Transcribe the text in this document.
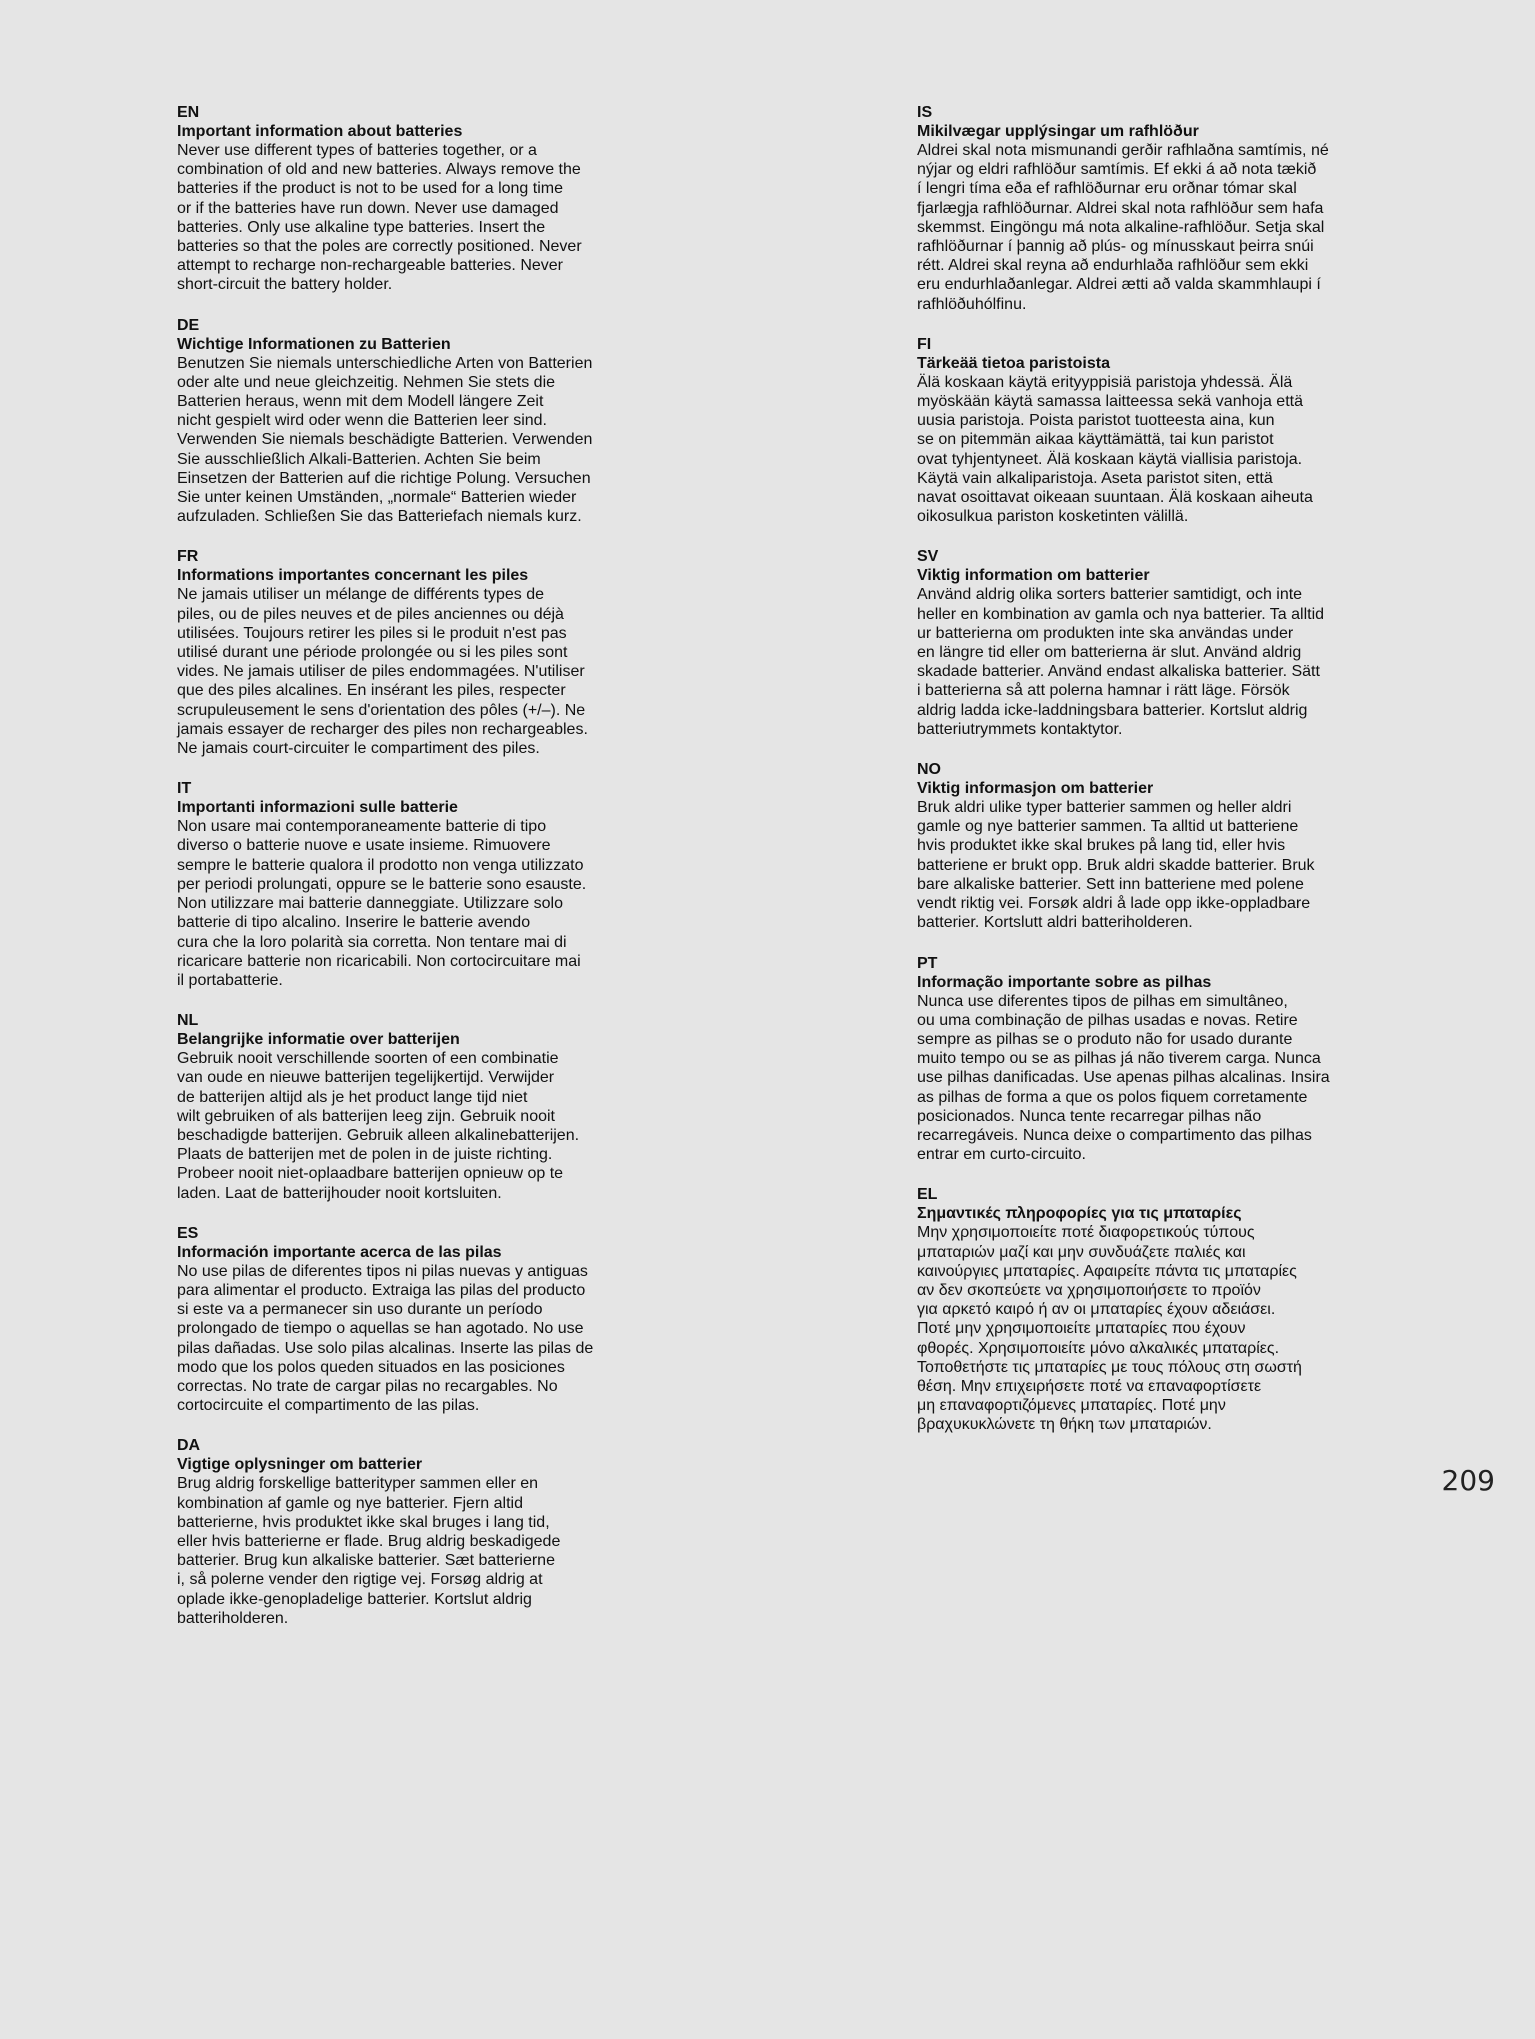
EN

Important information about batteries

Never use different types of batteries together, or a
combination of old and new batteries. Always remove the
batteries if the product is not to be used for a long time
or if the batteries have run down. Never use damaged
batteries. Only use alkaline type batteries. Insert the
batteries so that the poles are correctly positioned. Never
attempt to recharge non-rechargeable batteries. Never
short-circuit the battery holder.

DE

Wichtige Informationen zu Batterien

Benutzen Sie niemals unterschiedliche Arten von Batterien
oder alte und neue gleichzeitig. Nehmen Sie stets die
Batterien heraus, wenn mit dem Modell längere Zeit
nicht gespielt wird oder wenn die Batterien leer sind.
Verwenden Sie niemals beschädigte Batterien. Verwenden
Sie ausschließlich Alkali-Batterien. Achten Sie beim
Einsetzen der Batterien auf die richtige Polung. Versuchen
Sie unter keinen Umständen, „normale“ Batterien wieder
aufzuladen. Schließen Sie das Batteriefach niemals kurz.

FR

Informations importantes concernant les piles

Ne jamais utiliser un mélange de différents types de
piles, ou de piles neuves et de piles anciennes ou déjà
utilisées. Toujours retirer les piles si le produit n'est pas
utilisé durant une période prolongée ou si les piles sont
vides. Ne jamais utiliser de piles endommagées. N'utiliser
que des piles alcalines. En insérant les piles, respecter
scrupuleusement le sens d'orientation des pôles (+/–). Ne
jamais essayer de recharger des piles non rechargeables.
Ne jamais court-circuiter le compartiment des piles.

IT

Importanti informazioni sulle batterie

Non usare mai contemporaneamente batterie di tipo
diverso o batterie nuove e usate insieme. Rimuovere
sempre le batterie qualora il prodotto non venga utilizzato
per periodi prolungati, oppure se le batterie sono esauste.
Non utilizzare mai batterie danneggiate. Utilizzare solo
batterie di tipo alcalino. Inserire le batterie avendo
cura che la loro polarità sia corretta. Non tentare mai di
ricaricare batterie non ricaricabili. Non cortocircuitare mai
il portabatterie.

NL

Belangrijke informatie over batterijen

Gebruik nooit verschillende soorten of een combinatie
van oude en nieuwe batterijen tegelijkertijd. Verwijder
de batterijen altijd als je het product lange tijd niet
wilt gebruiken of als batterijen leeg zijn. Gebruik nooit
beschadigde batterijen. Gebruik alleen alkalinebatterijen.
Plaats de batterijen met de polen in de juiste richting.
Probeer nooit niet-oplaadbare batterijen opnieuw op te
laden. Laat de batterijhouder nooit kortsluiten.

ES

Información importante acerca de las pilas

No use pilas de diferentes tipos ni pilas nuevas y antiguas
para alimentar el producto. Extraiga las pilas del producto
si este va a permanecer sin uso durante un período
prolongado de tiempo o aquellas se han agotado. No use
pilas dañadas. Use solo pilas alcalinas. Inserte las pilas de
modo que los polos queden situados en las posiciones
correctas. No trate de cargar pilas no recargables. No
cortocircuite el compartimento de las pilas.

DA

Vigtige oplysninger om batterier

Brug aldrig forskellige batterityper sammen eller en
kombination af gamle og nye batterier. Fjern altid
batterierne, hvis produktet ikke skal bruges i lang tid,
eller hvis batterierne er flade. Brug aldrig beskadigede
batterier. Brug kun alkaliske batterier. Sæt batterierne
i, så polerne vender den rigtige vej. Forsøg aldrig at
oplade ikke-genopladelige batterier. Kortslut aldrig
batteriholderen.

IS

Mikilvægar upplýsingar um rafhlöður

Aldrei skal nota mismunandi gerðir rafhlaðna samtímis, né
nýjar og eldri rafhlöður samtímis. Ef ekki á að nota tækið
í lengri tíma eða ef rafhlöðurnar eru orðnar tómar skal
fjarlægja rafhlöðurnar. Aldrei skal nota rafhlöður sem hafa
skemmst. Eingöngu má nota alkaline-rafhlöður. Setja skal
rafhlöðurnar í þannig að plús- og mínusskaut þeirra snúi
rétt. Aldrei skal reyna að endurhlaða rafhlöður sem ekki
eru endurhlaðanlegar. Aldrei ætti að valda skammhlaupi í
rafhlöðuhólfinu.

FI

Tärkeää tietoa paristoista

Älä koskaan käytä erityyppisiä paristoja yhdessä. Älä
myöskään käytä samassa laitteessa sekä vanhoja että
uusia paristoja. Poista paristot tuotteesta aina, kun
se on pitemmän aikaa käyttämättä, tai kun paristot
ovat tyhjentyneet. Älä koskaan käytä viallisia paristoja.
Käytä vain alkaliparistoja. Aseta paristot siten, että
navat osoittavat oikeaan suuntaan. Älä koskaan aiheuta
oikosulkua pariston kosketinten välillä.

SV

Viktig information om batterier

Använd aldrig olika sorters batterier samtidigt, och inte
heller en kombination av gamla och nya batterier. Ta alltid
ur batterierna om produkten inte ska användas under
en längre tid eller om batterierna är slut. Använd aldrig
skadade batterier. Använd endast alkaliska batterier. Sätt
i batterierna så att polerna hamnar i rätt läge. Försök
aldrig ladda icke-laddningsbara batterier. Kortslut aldrig
batteriutrymmets kontaktytor.

NO

Viktig informasjon om batterier

Bruk aldri ulike typer batterier sammen og heller aldri
gamle og nye batterier sammen. Ta alltid ut batteriene
hvis produktet ikke skal brukes på lang tid, eller hvis
batteriene er brukt opp. Bruk aldri skadde batterier. Bruk
bare alkaliske batterier. Sett inn batteriene med polene
vendt riktig vei. Forsøk aldri å lade opp ikke-oppladbare
batterier. Kortslutt aldri batteriholderen.

PT

Informação importante sobre as pilhas

Nunca use diferentes tipos de pilhas em simultâneo,
ou uma combinação de pilhas usadas e novas. Retire
sempre as pilhas se o produto não for usado durante
muito tempo ou se as pilhas já não tiverem carga. Nunca
use pilhas danificadas. Use apenas pilhas alcalinas. Insira
as pilhas de forma a que os polos fiquem corretamente
posicionados. Nunca tente recarregar pilhas não
recarregáveis. Nunca deixe o compartimento das pilhas
entrar em curto-circuito.

EL

Σημαντικές πληροφορίες για τις μπαταρίες

Μην χρησιμοποιείτε ποτέ διαφορετικούς τύπους
μπαταριών μαζί και μην συνδυάζετε παλιές και
καινούργιες μπαταρίες. Αφαιρείτε πάντα τις μπαταρίες
αν δεν σκοπεύετε να χρησιμοποιήσετε το προϊόν
για αρκετό καιρό ή αν οι μπαταρίες έχουν αδειάσει.
Ποτέ μην χρησιμοποιείτε μπαταρίες που έχουν
φθορές. Χρησιμοποιείτε μόνο αλκαλικές μπαταρίες.
Τοποθετήστε τις μπαταρίες με τους πόλους στη σωστή
θέση. Μην επιχειρήσετε ποτέ να επαναφορτίσετε
μη επαναφορτιζόμενες μπαταρίες. Ποτέ μην
βραχυκυκλώνετε τη θήκη των μπαταριών.

209
